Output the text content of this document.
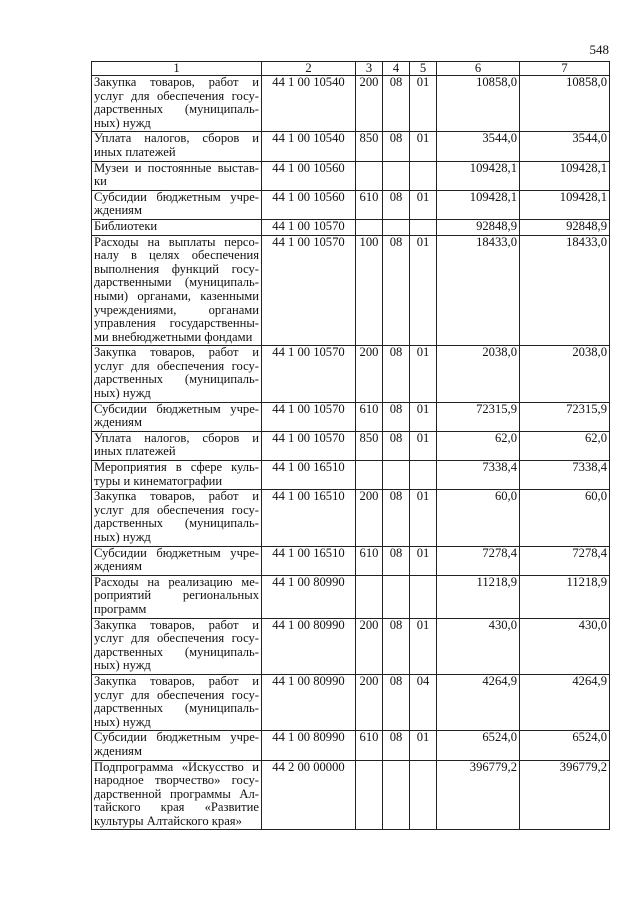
548
1	2	3	4	5	6	7
Закупка товаров, работ и услуг для обеспечения госу-дарственных (муниципаль-ных) нужд	44 1 00 10540	200	08	01	10858,0	10858,0
Уплата налогов, сборов и иных платежей	44 1 00 10540	850	08	01	3544,0	3544,0
Музеи и постоянные выстав-ки	44 1 00 10560				109428,1	109428,1
Субсидии бюджетным учре-ждениям	44 1 00 10560	610	08	01	109428,1	109428,1
Библиотеки	44 1 00 10570				92848,9	92848,9
Расходы на выплаты персо-налу в целях обеспечения выполнения функций госу-дарственными (муниципаль-ными) органами, казенными учреждениями, органами управления государственны-ми внебюджетными фондами	44 1 00 10570	100	08	01	18433,0	18433,0
Закупка товаров, работ и услуг для обеспечения госу-дарственных (муниципаль-ных) нужд	44 1 00 10570	200	08	01	2038,0	2038,0
Субсидии бюджетным учре-ждениям	44 1 00 10570	610	08	01	72315,9	72315,9
Уплата налогов, сборов и иных платежей	44 1 00 10570	850	08	01	62,0	62,0
Мероприятия в сфере куль-туры и кинематографии	44 1 00 16510				7338,4	7338,4
Закупка товаров, работ и услуг для обеспечения госу-дарственных (муниципаль-ных) нужд	44 1 00 16510	200	08	01	60,0	60,0
Субсидии бюджетным учре-ждениям	44 1 00 16510	610	08	01	7278,4	7278,4
Расходы на реализацию ме-роприятий региональных программ	44 1 00 80990				11218,9	11218,9
Закупка товаров, работ и услуг для обеспечения госу-дарственных (муниципаль-ных) нужд	44 1 00 80990	200	08	01	430,0	430,0
Закупка товаров, работ и услуг для обеспечения госу-дарственных (муниципаль-ных) нужд	44 1 00 80990	200	08	04	4264,9	4264,9
Субсидии бюджетным учре-ждениям	44 1 00 80990	610	08	01	6524,0	6524,0
Подпрограмма «Искусство и народное творчество» госу-дарственной программы Ал-тайского края «Развитие культуры Алтайского края»	44 2 00 00000				396779,2	396779,2
